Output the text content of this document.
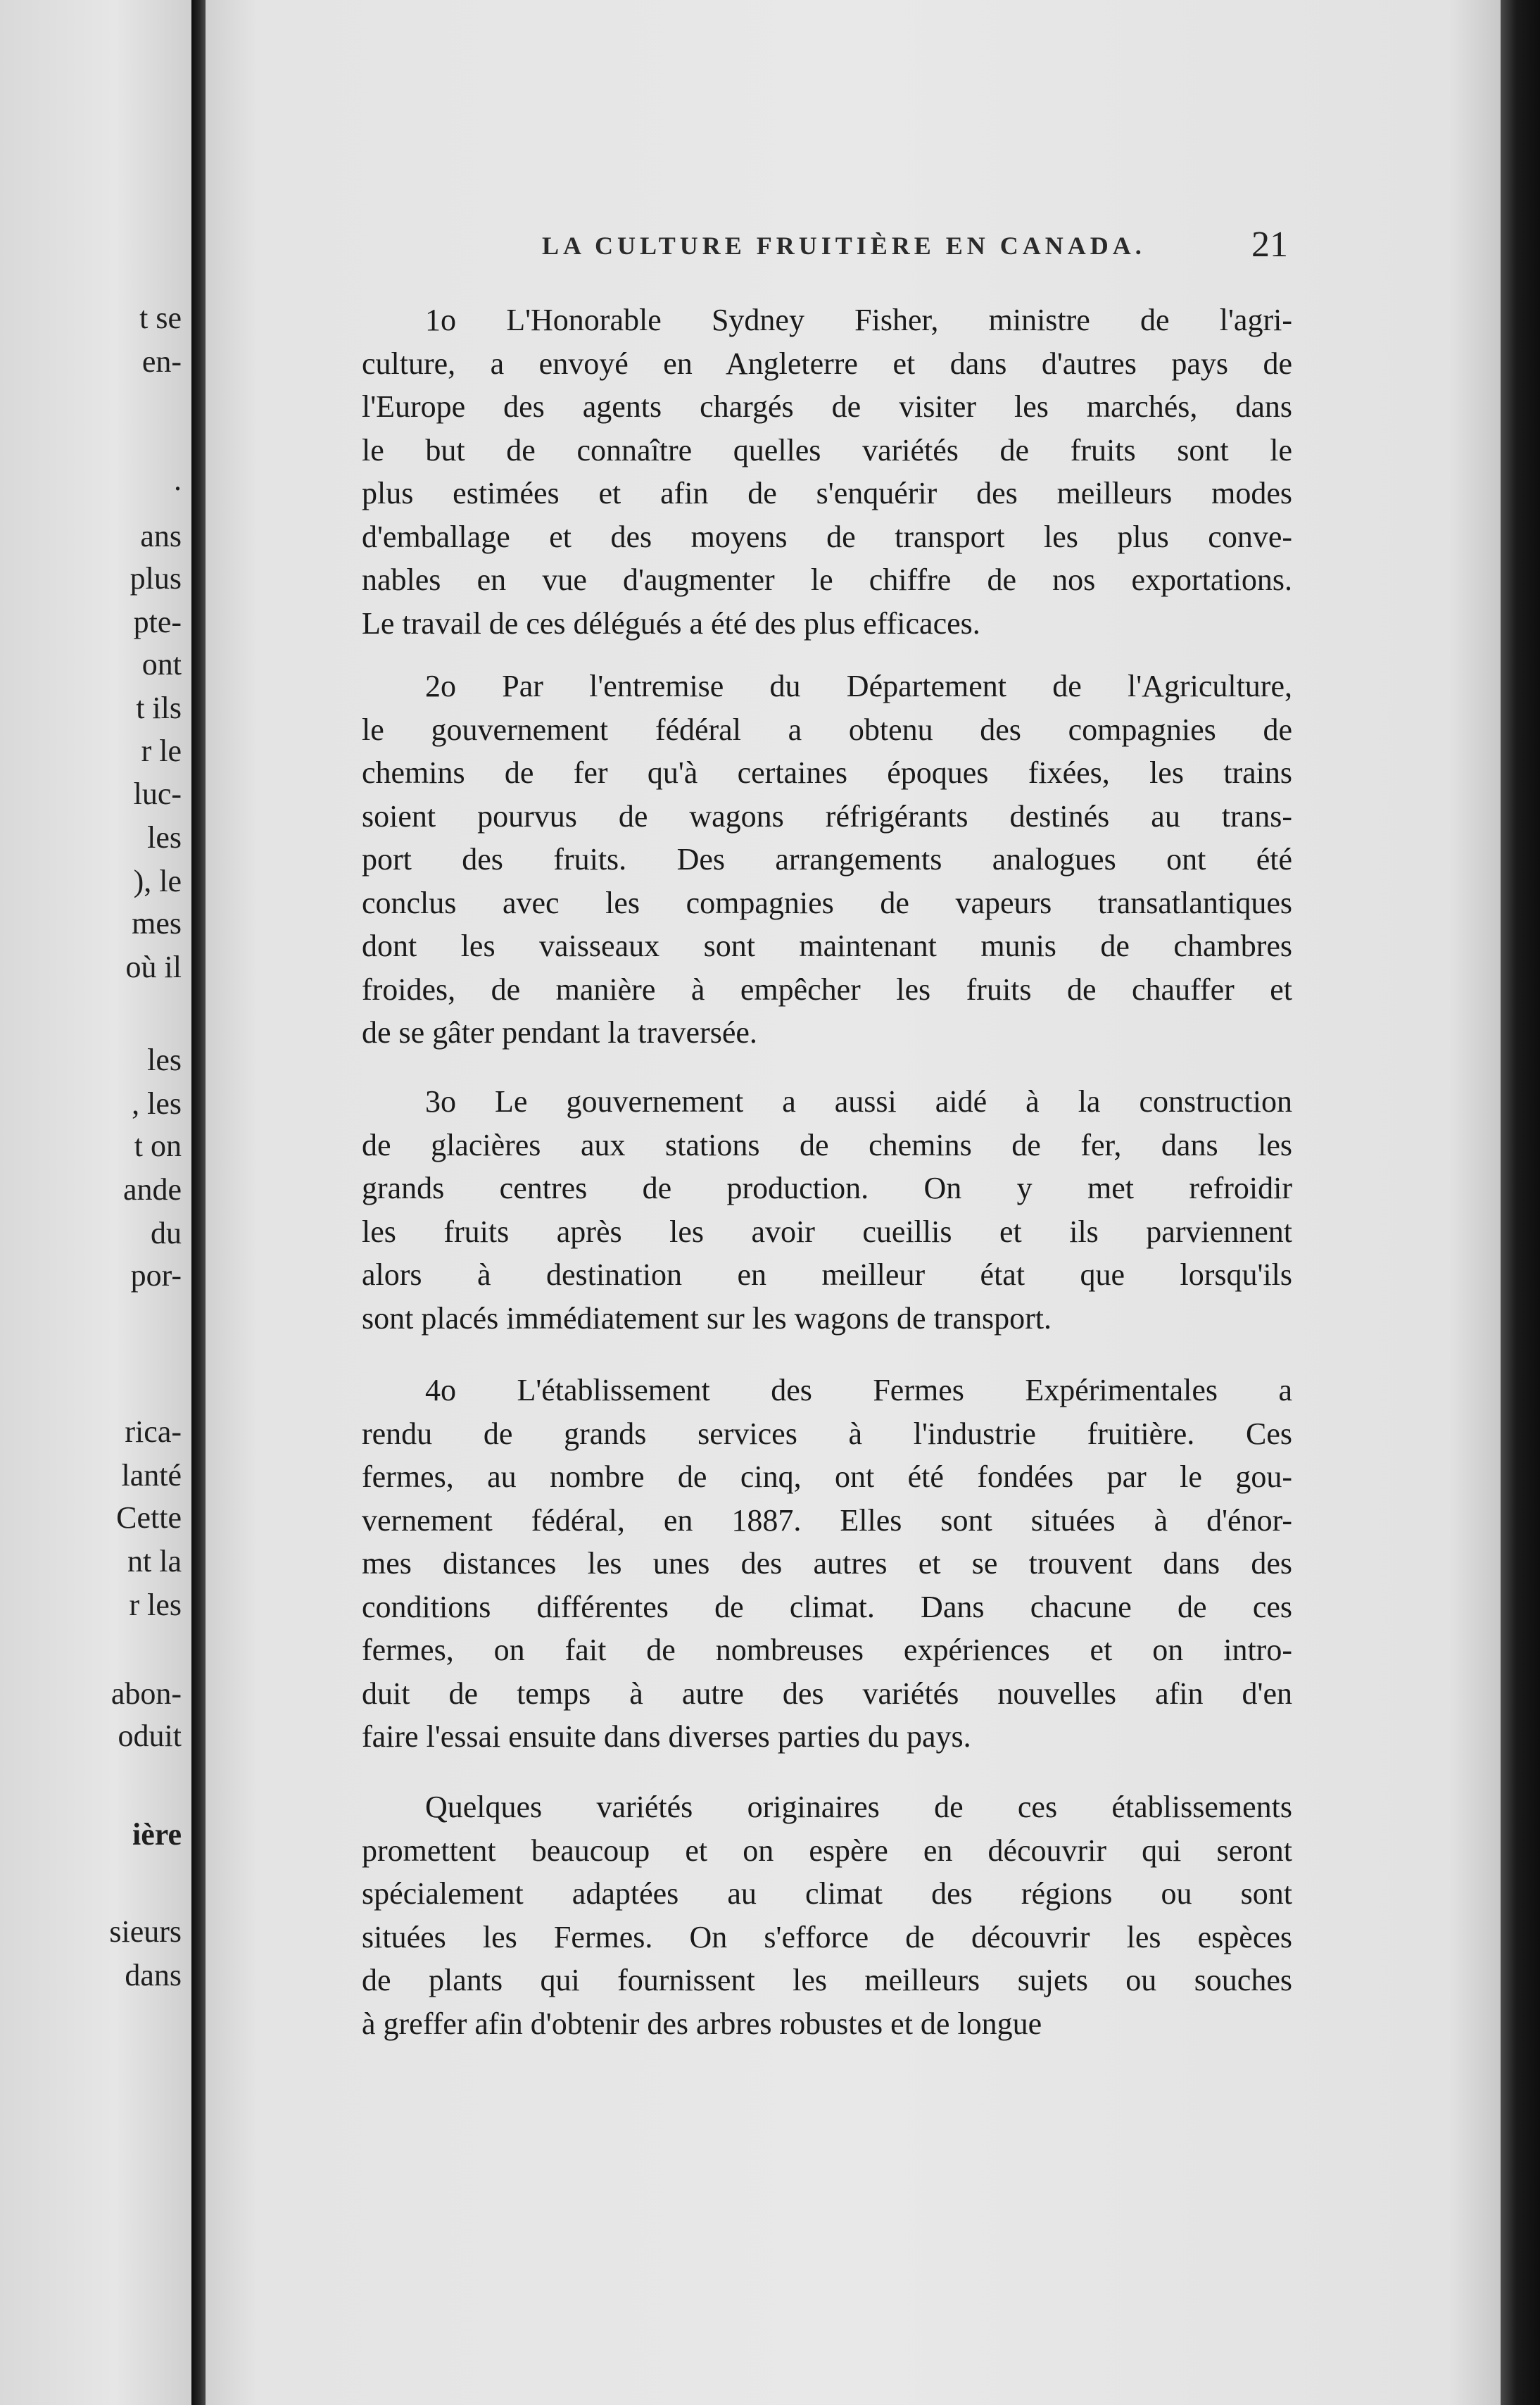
t se
en-
.
ans
plus
pte-
ont
t ils
r le
luc-
les
), le
mes
où il
les
, les
t on
ande
du
por-
rica-
lanté
Cette
nt la
r les
abon-
oduit
ière
sieurs
dans
LA CULTURE FRUITIÈRE EN CANADA.	21
1o L'Honorable Sydney Fisher, ministre de l'agri-
culture, a envoyé en Angleterre et dans d'autres pays de
l'Europe des agents chargés de visiter les marchés, dans
le but de connaître quelles variétés de fruits sont le
plus estimées et afin de s'enquérir des meilleurs modes
d'emballage et des moyens de transport les plus conve-
nables en vue d'augmenter le chiffre de nos exportations.
Le travail de ces délégués a été des plus efficaces.
2o Par l'entremise du Département de l'Agriculture,
le gouvernement fédéral a obtenu des compagnies de
chemins de fer qu'à certaines époques fixées, les trains
soient pourvus de wagons réfrigérants destinés au trans-
port des fruits. Des arrangements analogues ont été
conclus avec les compagnies de vapeurs transatlantiques
dont les vaisseaux sont maintenant munis de chambres
froides, de manière à empêcher les fruits de chauffer et
de se gâter pendant la traversée.
3o Le gouvernement a aussi aidé à la construction
de glacières aux stations de chemins de fer, dans les
grands centres de production. On y met refroidir
les fruits après les avoir cueillis et ils parviennent
alors à destination en meilleur état que lorsqu'ils
sont placés immédiatement sur les wagons de transport.
4o L'établissement des Fermes Expérimentales a
rendu de grands services à l'industrie fruitière. Ces
fermes, au nombre de cinq, ont été fondées par le gou-
vernement fédéral, en 1887. Elles sont situées à d'énor-
mes distances les unes des autres et se trouvent dans des
conditions différentes de climat. Dans chacune de ces
fermes, on fait de nombreuses expériences et on intro-
duit de temps à autre des variétés nouvelles afin d'en
faire l'essai ensuite dans diverses parties du pays.
Quelques variétés originaires de ces établissements
promettent beaucoup et on espère en découvrir qui seront
spécialement adaptées au climat des régions ou sont
situées les Fermes. On s'efforce de découvrir les espèces
de plants qui fournissent les meilleurs sujets ou souches
à greffer afin d'obtenir des arbres robustes et de longue
